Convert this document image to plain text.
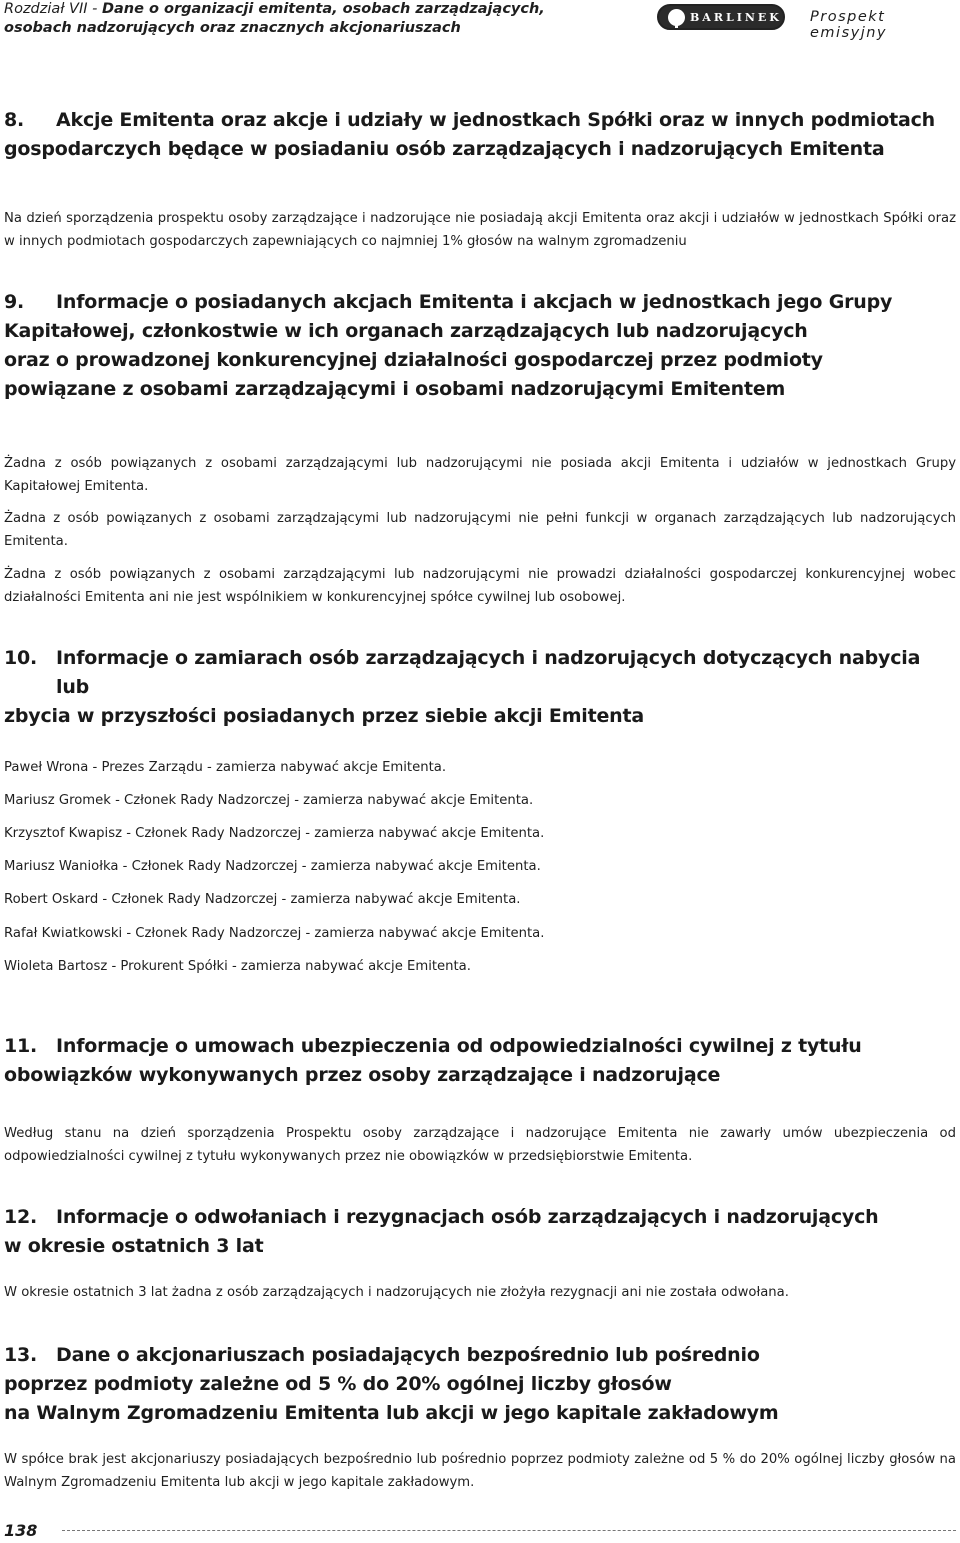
Rozdział VII - Dane o organizacji emitenta, osobach zarządzających,
osobach nadzorujących oraz znacznych akcjonariuszach
BARLINEK Prospekt emisyjny
8. Akcje Emitenta oraz akcje i udziały w jednostkach Spółki oraz w innych podmiotach
gospodarczych będące w posiadaniu osób zarządzających i nadzorujących Emitenta

Na dzień sporządzenia prospektu osoby zarządzające i nadzorujące nie posiadają akcji Emitenta oraz akcji i udziałów w jednostkach Spółki oraz w innych podmiotach gospodarczych zapewniających co najmniej 1% głosów na walnym zgromadzeniu

9. Informacje o posiadanych akcjach Emitenta i akcjach w jednostkach jego Grupy
Kapitałowej, członkostwie w ich organach zarządzających lub nadzorujących
oraz o prowadzonej konkurencyjnej działalności gospodarczej przez podmioty
powiązane z osobami zarządzającymi i osobami nadzorującymi Emitentem

Żadna z osób powiązanych z osobami zarządzającymi lub nadzorującymi nie posiada akcji Emitenta i udziałów w jednostkach Grupy Kapitałowej Emitenta.

Żadna z osób powiązanych z osobami zarządzającymi lub nadzorującymi nie pełni funkcji w organach zarządzających lub nadzorujących Emitenta.

Żadna z osób powiązanych z osobami zarządzającymi lub nadzorującymi nie prowadzi działalności gospodarczej konkurencyjnej wobec działalności Emitenta ani nie jest wspólnikiem w konkurencyjnej spółce cywilnej lub osobowej.

10. Informacje o zamiarach osób zarządzających i nadzorujących dotyczących nabycia lub
zbycia w przyszłości posiadanych przez siebie akcji Emitenta

Paweł Wrona - Prezes Zarządu - zamierza nabywać akcje Emitenta.

Mariusz Gromek - Członek Rady Nadzorczej - zamierza nabywać akcje Emitenta.

Krzysztof Kwapisz - Członek Rady Nadzorczej - zamierza nabywać akcje Emitenta.

Mariusz Waniołka - Członek Rady Nadzorczej - zamierza nabywać akcje Emitenta.

Robert Oskard - Członek Rady Nadzorczej - zamierza nabywać akcje Emitenta.

Rafał Kwiatkowski - Członek Rady Nadzorczej - zamierza nabywać akcje Emitenta.

Wioleta Bartosz - Prokurent Spółki - zamierza nabywać akcje Emitenta.

11. Informacje o umowach ubezpieczenia od odpowiedzialności cywilnej z tytułu
obowiązków wykonywanych przez osoby zarządzające i nadzorujące

Według stanu na dzień sporządzenia Prospektu osoby zarządzające i nadzorujące Emitenta nie zawarły umów ubezpieczenia od odpowiedzialności cywilnej z tytułu wykonywanych przez nie obowiązków w przedsiębiorstwie Emitenta.

12. Informacje o odwołaniach i rezygnacjach osób zarządzających i nadzorujących
w okresie ostatnich 3 lat

W okresie ostatnich 3 lat żadna z osób zarządzających i nadzorujących nie złożyła rezygnacji ani nie została odwołana.

13. Dane o akcjonariuszach posiadających bezpośrednio lub pośrednio
poprzez podmioty zależne od 5 % do 20% ogólnej liczby głosów
na Walnym Zgromadzeniu Emitenta lub akcji w jego kapitale zakładowym

W spółce brak jest akcjonariuszy posiadających bezpośrednio lub pośrednio poprzez podmioty zależne od 5 % do 20% ogólnej liczby głosów na Walnym Zgromadzeniu Emitenta lub akcji w jego kapitale zakładowym.

138
